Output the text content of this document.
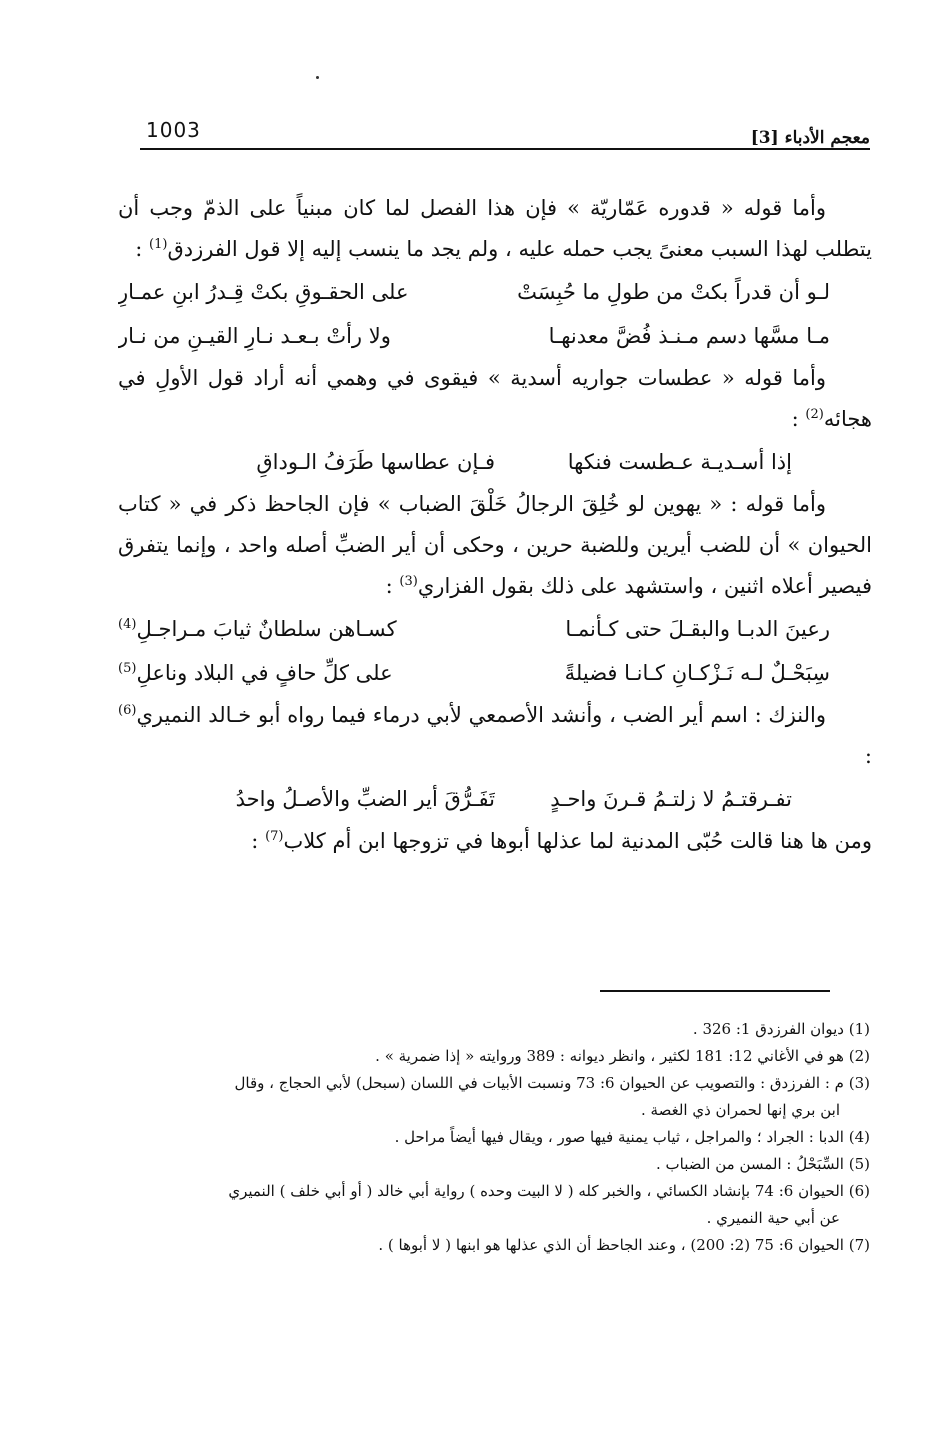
1003	معجم الأدباء [3]

وأما قوله « قدوره عَمّاريّة » فإن هذا الفصل لما كان مبنياً على الذمّ وجب أن يتطلب لهذا السبب معنىً يجب حمله عليه ، ولم يجد ما ينسب إليه إلا قول الفرزدق$^{(1)}$ :

لـو أن قدراً بكتْ من طولِ ما حُبِسَتْ
على الحقـوقِ بكتْ قِـدرُ ابنِ عمـارِ
مـا مسَّها دسم مـنـذ فُضَّ معدنهـا
ولا رأتْ بـعـد نـارِ القيـنِ من نـار

وأما قوله « عطسات جواريه أسدية » فيقوى في وهمي أنه أراد قول الأولِ في هجائه$^{(2)}$ :

إذا أسـديـة عـطست فنكها
فـإن عطاسها طَرَفُ الـوداقِ

وأما قوله : « يهوين لو خُلِقَ الرجالُ خَلْقَ الضباب » فإن الجاحظ ذكر في « كتاب الحيوان » أن للضب أيرين وللضبة حرين ، وحكى أن أير الضبِّ أصله واحد ، وإنما يتفرق فيصير أعلاه اثنين ، واستشهد على ذلك بقول الفزاري$^{(3)}$ :

رعينَ الدبـا والبقـلَ حتى كـأنمـا
كسـاهن سلطانٌ ثيابَ مـراجـلِ$^{(4)}$
سِبَحْـلٌ لـه نَـزْكـانِ كـانـا فضيلةً
على كلِّ حافٍ في البلاد وناعلِ$^{(5)}$

والنزك : اسم أير الضب ، وأنشد الأصمعي لأبي درماء فيما رواه أبو خـالد النميري$^{(6)}$ :

تفـرقتـمُ لا زلتـمُ قـرنَ واحـدٍ
تَفَـرُّقَ أير الضبِّ والأصـلُ واحدُ

ومن ها هنا قالت حُبّى المدنية لما عذلها أبوها في تزوجها ابن أم كلاب$^{(7)}$ :

(1) ديوان الفرزدق 1: 326 .

(2) هو في الأغاني 12: 181 لكثير ، وانظر ديوانه : 389 وروايته « إذا ضمرية » .

(3) م : الفرزدق : والتصويب عن الحيوان 6: 73 ونسبت الأبيات في اللسان (سبحل) لأبي الحجاج ، وقال
ابن بري إنها لحمران ذي الغصة .

(4) الدبا : الجراد ؛ والمراجل ، ثياب يمنية فيها صور ، ويقال فيها أيضاً مراحل .

(5) السِّبَحْلُ : المسن من الضباب .

(6) الحيوان 6: 74 بإنشاد الكسائي ، والخبر كله ( لا البيت وحده ) رواية أبي خالد ( أو أبي خلف ) النميري
عن أبي حية النميري .

(7) الحيوان 6: 75 (2: 200) ، وعند الجاحظ أن الذي عذلها هو ابنها ( لا أبوها ) .
